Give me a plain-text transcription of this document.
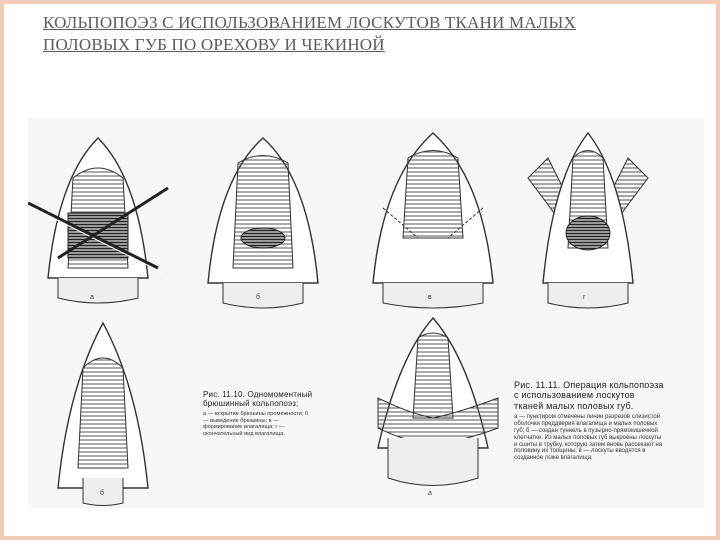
КОЛЬПОПОЭЗ С ИСПОЛЬЗОВАНИЕМ ЛОСКУТОВ ТКАНИ МАЛЫХ ПОЛОВЫХ ГУБ ПО ОРЕХОВУ И ЧЕКИНОЙ
а	б	в	г
б	а
Рис. 11.10. Одномоментный брюшинный кольпопоэз:
а — вскрытие брюшины промежности; б — выведение брюшины; в — формирование влагалища; г — окончательный вид влагалища.
Рис. 11.11. Операция кольпопоэза с использованием лоскутов тканей малых половых губ.
а — пунктиром отмечены линии разрезов слизистой оболочки преддверия влагалища и малых половых губ; б — создан туннель в пузырно-прямокишечной клетчатке. Из малых половых губ выкроены лоскуты и сшиты в трубку, которую затем вновь рассекают на половину их толщины; в — лоскуты вводятся в созданное ложе влагалища.
